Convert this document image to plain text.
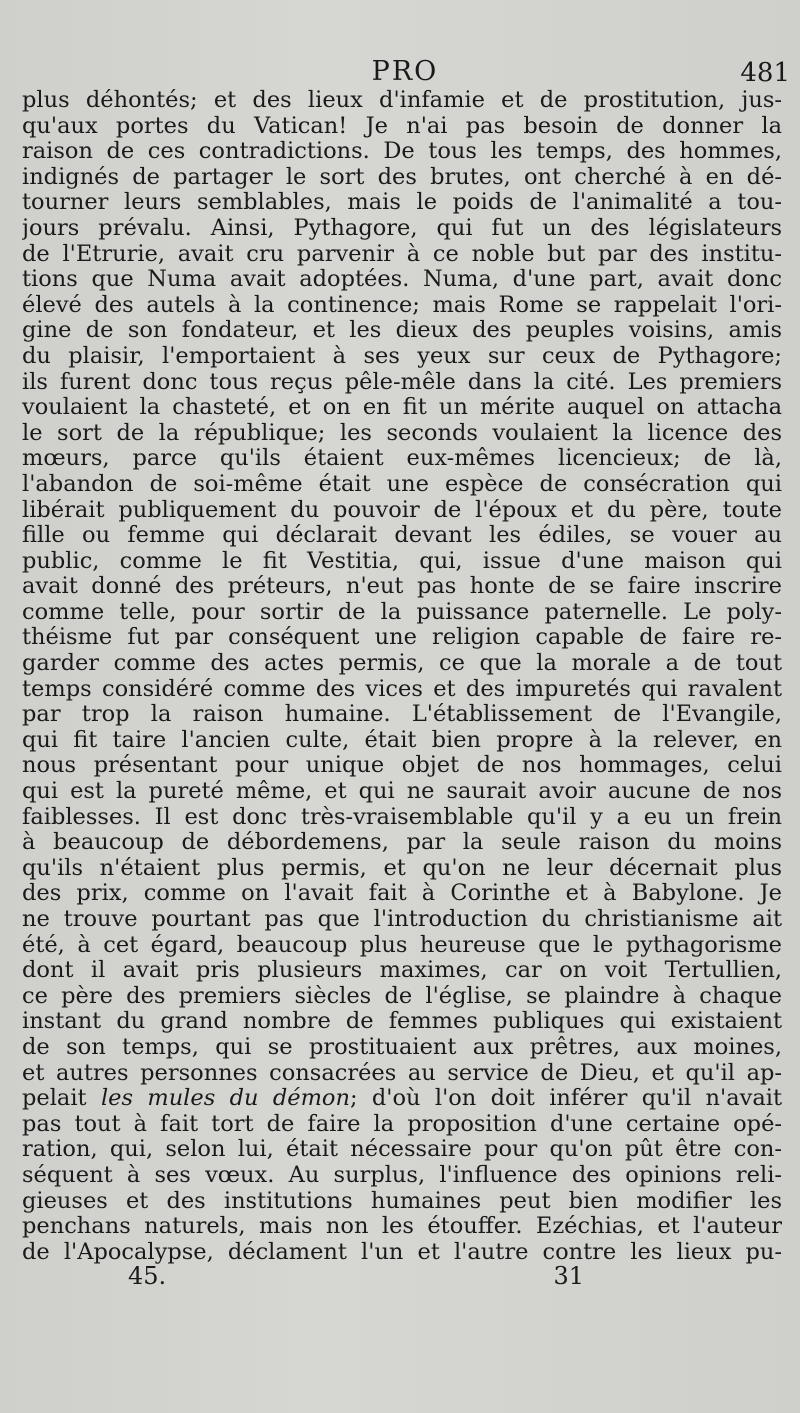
PRO	481
plus déhontés; et des lieux d'infamie et de prostitution, jus-
qu'aux portes du Vatican! Je n'ai pas besoin de donner la
raison de ces contradictions. De tous les temps, des hommes,
indignés de partager le sort des brutes, ont cherché à en dé-
tourner leurs semblables, mais le poids de l'animalité a tou-
jours prévalu. Ainsi, Pythagore, qui fut un des législateurs
de l'Etrurie, avait cru parvenir à ce noble but par des institu-
tions que Numa avait adoptées. Numa, d'une part, avait donc
élevé des autels à la continence; mais Rome se rappelait l'ori-
gine de son fondateur, et les dieux des peuples voisins, amis
du plaisir, l'emportaient à ses yeux sur ceux de Pythagore;
ils furent donc tous reçus pêle-mêle dans la cité. Les premiers
voulaient la chasteté, et on en fit un mérite auquel on attacha
le sort de la république; les seconds voulaient la licence des
mœurs, parce qu'ils étaient eux-mêmes licencieux; de là,
l'abandon de soi-même était une espèce de consécration qui
libérait publiquement du pouvoir de l'époux et du père, toute
fille ou femme qui déclarait devant les édiles, se vouer au
public, comme le fit Vestitia, qui, issue d'une maison qui
avait donné des préteurs, n'eut pas honte de se faire inscrire
comme telle, pour sortir de la puissance paternelle. Le poly-
théisme fut par conséquent une religion capable de faire re-
garder comme des actes permis, ce que la morale a de tout
temps considéré comme des vices et des impuretés qui ravalent
par trop la raison humaine. L'établissement de l'Evangile,
qui fit taire l'ancien culte, était bien propre à la relever, en
nous présentant pour unique objet de nos hommages, celui
qui est la pureté même, et qui ne saurait avoir aucune de nos
faiblesses. Il est donc très-vraisemblable qu'il y a eu un frein
à beaucoup de débordemens, par la seule raison du moins
qu'ils n'étaient plus permis, et qu'on ne leur décernait plus
des prix, comme on l'avait fait à Corinthe et à Babylone. Je
ne trouve pourtant pas que l'introduction du christianisme ait
été, à cet égard, beaucoup plus heureuse que le pythagorisme
dont il avait pris plusieurs maximes, car on voit Tertullien,
ce père des premiers siècles de l'église, se plaindre à chaque
instant du grand nombre de femmes publiques qui existaient
de son temps, qui se prostituaient aux prêtres, aux moines,
et autres personnes consacrées au service de Dieu, et qu'il ap-
pelait les mules du démon; d'où l'on doit inférer qu'il n'avait
pas tout à fait tort de faire la proposition d'une certaine opé-
ration, qui, selon lui, était nécessaire pour qu'on pût être con-
séquent à ses vœux. Au surplus, l'influence des opinions reli-
gieuses et des institutions humaines peut bien modifier les
penchans naturels, mais non les étouffer. Ezéchias, et l'auteur
de l'Apocalypse, déclament l'un et l'autre contre les lieux pu-
45.	31
